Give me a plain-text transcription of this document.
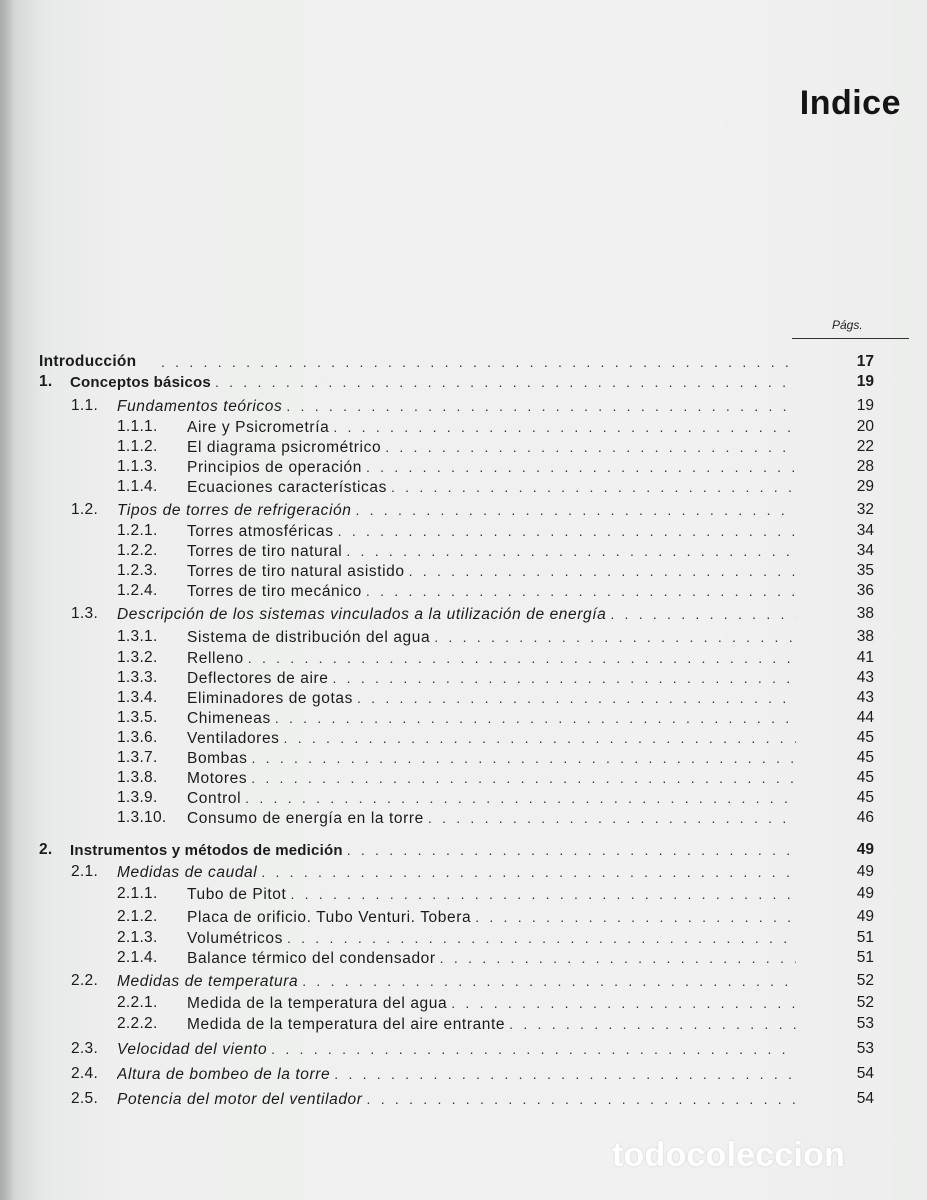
Indice
Págs.
Introducción . . .	17
1. Conceptos básicos . . .	19
1.1. Fundamentos teóricos . . .	19
1.1.1. Aire y Psicrometría . . .	20
1.1.2. El diagrama psicrométrico . . .	22
1.1.3. Principios de operación . . .	28
1.1.4. Ecuaciones características . . .	29
1.2. Tipos de torres de refrigeración . . .	32
1.2.1. Torres atmosféricas . . .	34
1.2.2. Torres de tiro natural . . .	34
1.2.3. Torres de tiro natural asistido . . .	35
1.2.4. Torres de tiro mecánico . . .	36
1.3. Descripción de los sistemas vinculados a la utilización de energía . . .	38
1.3.1. Sistema de distribución del agua . . .	38
1.3.2. Relleno . . .	41
1.3.3. Deflectores de aire . . .	43
1.3.4. Eliminadores de gotas . . .	43
1.3.5. Chimeneas . . .	44
1.3.6. Ventiladores . . .	45
1.3.7. Bombas . . .	45
1.3.8. Motores . . .	45
1.3.9. Control . . .	45
1.3.10. Consumo de energía en la torre . . .	46
2. Instrumentos y métodos de medición . . .	49
2.1. Medidas de caudal . . .	49
2.1.1. Tubo de Pitot . . .	49
2.1.2. Placa de orificio. Tubo Venturi. Tobera . . .	49
2.1.3. Volumétricos . . .	51
2.1.4. Balance térmico del condensador . . .	51
2.2. Medidas de temperatura . . .	52
2.2.1. Medida de la temperatura del agua . . .	52
2.2.2. Medida de la temperatura del aire entrante . . .	53
2.3. Velocidad del viento . . .	53
2.4. Altura de bombeo de la torre . . .	54
2.5. Potencia del motor del ventilador . . .	54
todocoleccion
